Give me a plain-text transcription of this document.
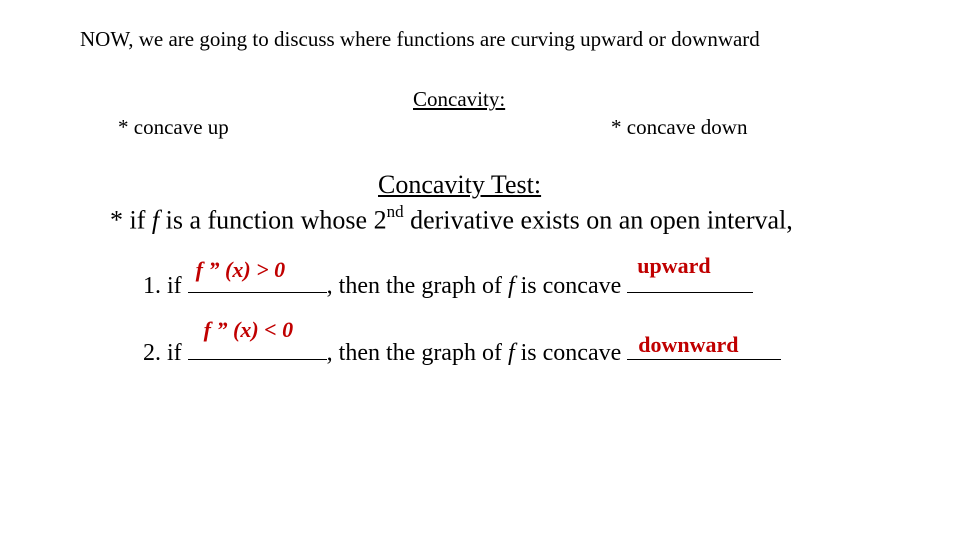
NOW, we are going to discuss where functions are curving upward or downward
Concavity:
* concave up	* concave down
Concavity Test:
* if f is a function whose 2nd derivative exists on an open interval,
1. if
f ” (x) > 0
, then the graph of f is concave
upward
2. if
f ” (x) < 0
, then the graph of f is concave downward
